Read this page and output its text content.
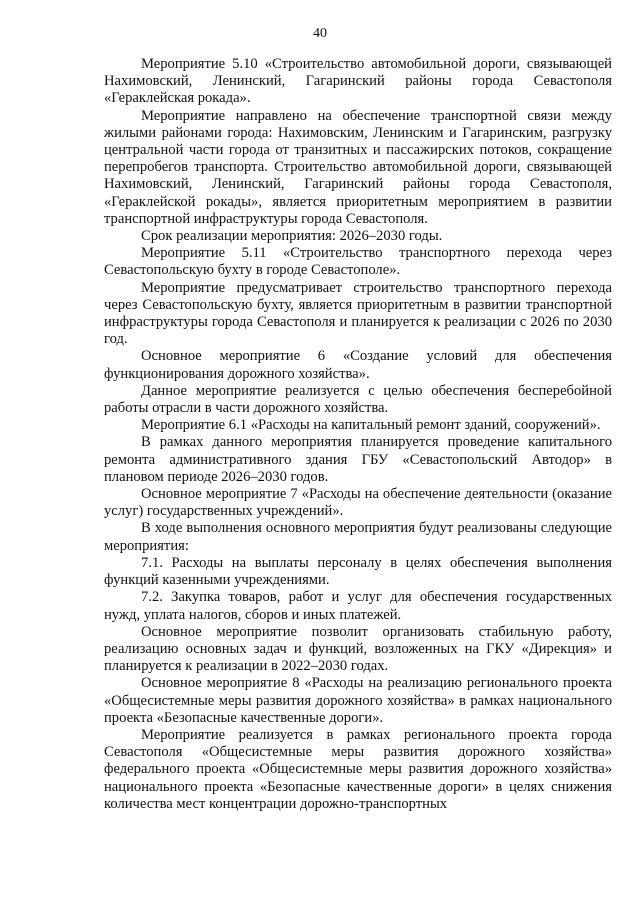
40

Мероприятие 5.10 «Строительство автомобильной дороги, связывающей Нахимовский, Ленинский, Гагаринский районы города Севастополя «Гераклейская рокада».

Мероприятие направлено на обеспечение транспортной связи между жилыми районами города: Нахимовским, Ленинским и Гагаринским, разгрузку центральной части города от транзитных и пассажирских потоков, сокращение перепробегов транспорта. Строительство автомобильной дороги, связывающей Нахимовский, Ленинский, Гагаринский районы города Севастополя, «Гераклейской рокады», является приоритетным мероприятием в развитии транспортной инфраструктуры города Севастополя.

Срок реализации мероприятия: 2026–2030 годы.

Мероприятие 5.11 «Строительство транспортного перехода через Севастопольскую бухту в городе Севастополе».

Мероприятие предусматривает строительство транспортного перехода через Севастопольскую бухту, является приоритетным в развитии транспортной инфраструктуры города Севастополя и планируется к реализации с 2026 по 2030 год.

Основное мероприятие 6 «Создание условий для обеспечения функционирования дорожного хозяйства».

Данное мероприятие реализуется с целью обеспечения бесперебойной работы отрасли в части дорожного хозяйства.

Мероприятие 6.1 «Расходы на капитальный ремонт зданий, сооружений».

В рамках данного мероприятия планируется проведение капитального ремонта административного здания ГБУ «Севастопольский Автодор» в плановом периоде 2026–2030 годов.

Основное мероприятие 7 «Расходы на обеспечение деятельности (оказание услуг) государственных учреждений».

В ходе выполнения основного мероприятия будут реализованы следующие мероприятия:

7.1. Расходы на выплаты персоналу в целях обеспечения выполнения функций казенными учреждениями.

7.2. Закупка товаров, работ и услуг для обеспечения государственных нужд, уплата налогов, сборов и иных платежей.

Основное мероприятие позволит организовать стабильную работу, реализацию основных задач и функций, возложенных на ГКУ «Дирекция» и планируется к реализации в 2022–2030 годах.

Основное мероприятие 8 «Расходы на реализацию регионального проекта «Общесистемные меры развития дорожного хозяйства» в рамках национального проекта «Безопасные качественные дороги».

Мероприятие реализуется в рамках регионального проекта города Севастополя «Общесистемные меры развития дорожного хозяйства» федерального проекта «Общесистемные меры развития дорожного хозяйства» национального проекта «Безопасные качественные дороги» в целях снижения количества мест концентрации дорожно-транспортных
